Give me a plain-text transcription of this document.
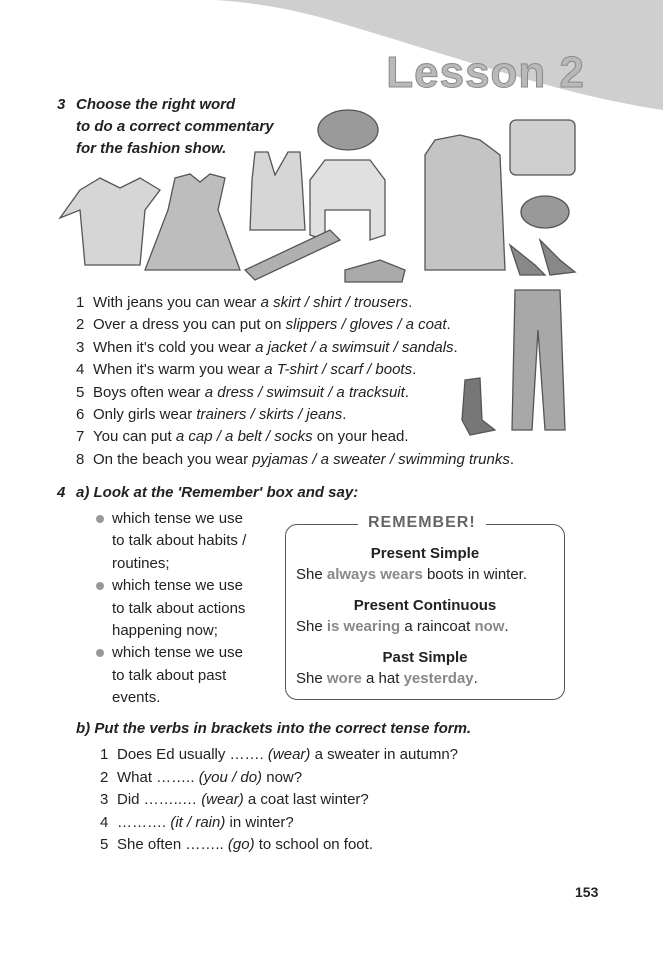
Lesson 2
3 Choose the right word
to do a correct commentary
for the fashion show.
1 With jeans you can wear a skirt / shirt / trousers.
2 Over a dress you can put on slippers / gloves / a coat.
3 When it's cold you wear a jacket / a swimsuit / sandals.
4 When it's warm you wear a T-shirt / scarf / boots.
5 Boys often wear a dress / swimsuit / a tracksuit.
6 Only girls wear trainers / skirts / jeans.
7 You can put a cap / a belt / socks on your head.
8 On the beach you wear pyjamas / a sweater / swimming trunks.
4 a) Look at the 'Remember' box and say:
which tense we use
to talk about habits /
routines;
which tense we use
to talk about actions
happening now;
which tense we use
to talk about past
events.
REMEMBER!
Present Simple
She always wears boots in winter.
Present Continuous
She is wearing a raincoat now.
Past Simple
She wore a hat yesterday.
b) Put the verbs in brackets into the correct tense form.
1 Does Ed usually ……. (wear) a sweater in autumn?
2 What …….. (you / do) now?
3 Did ……..… (wear) a coat last winter?
4 ………. (it / rain) in winter?
5 She often …….. (go) to school on foot.
153
